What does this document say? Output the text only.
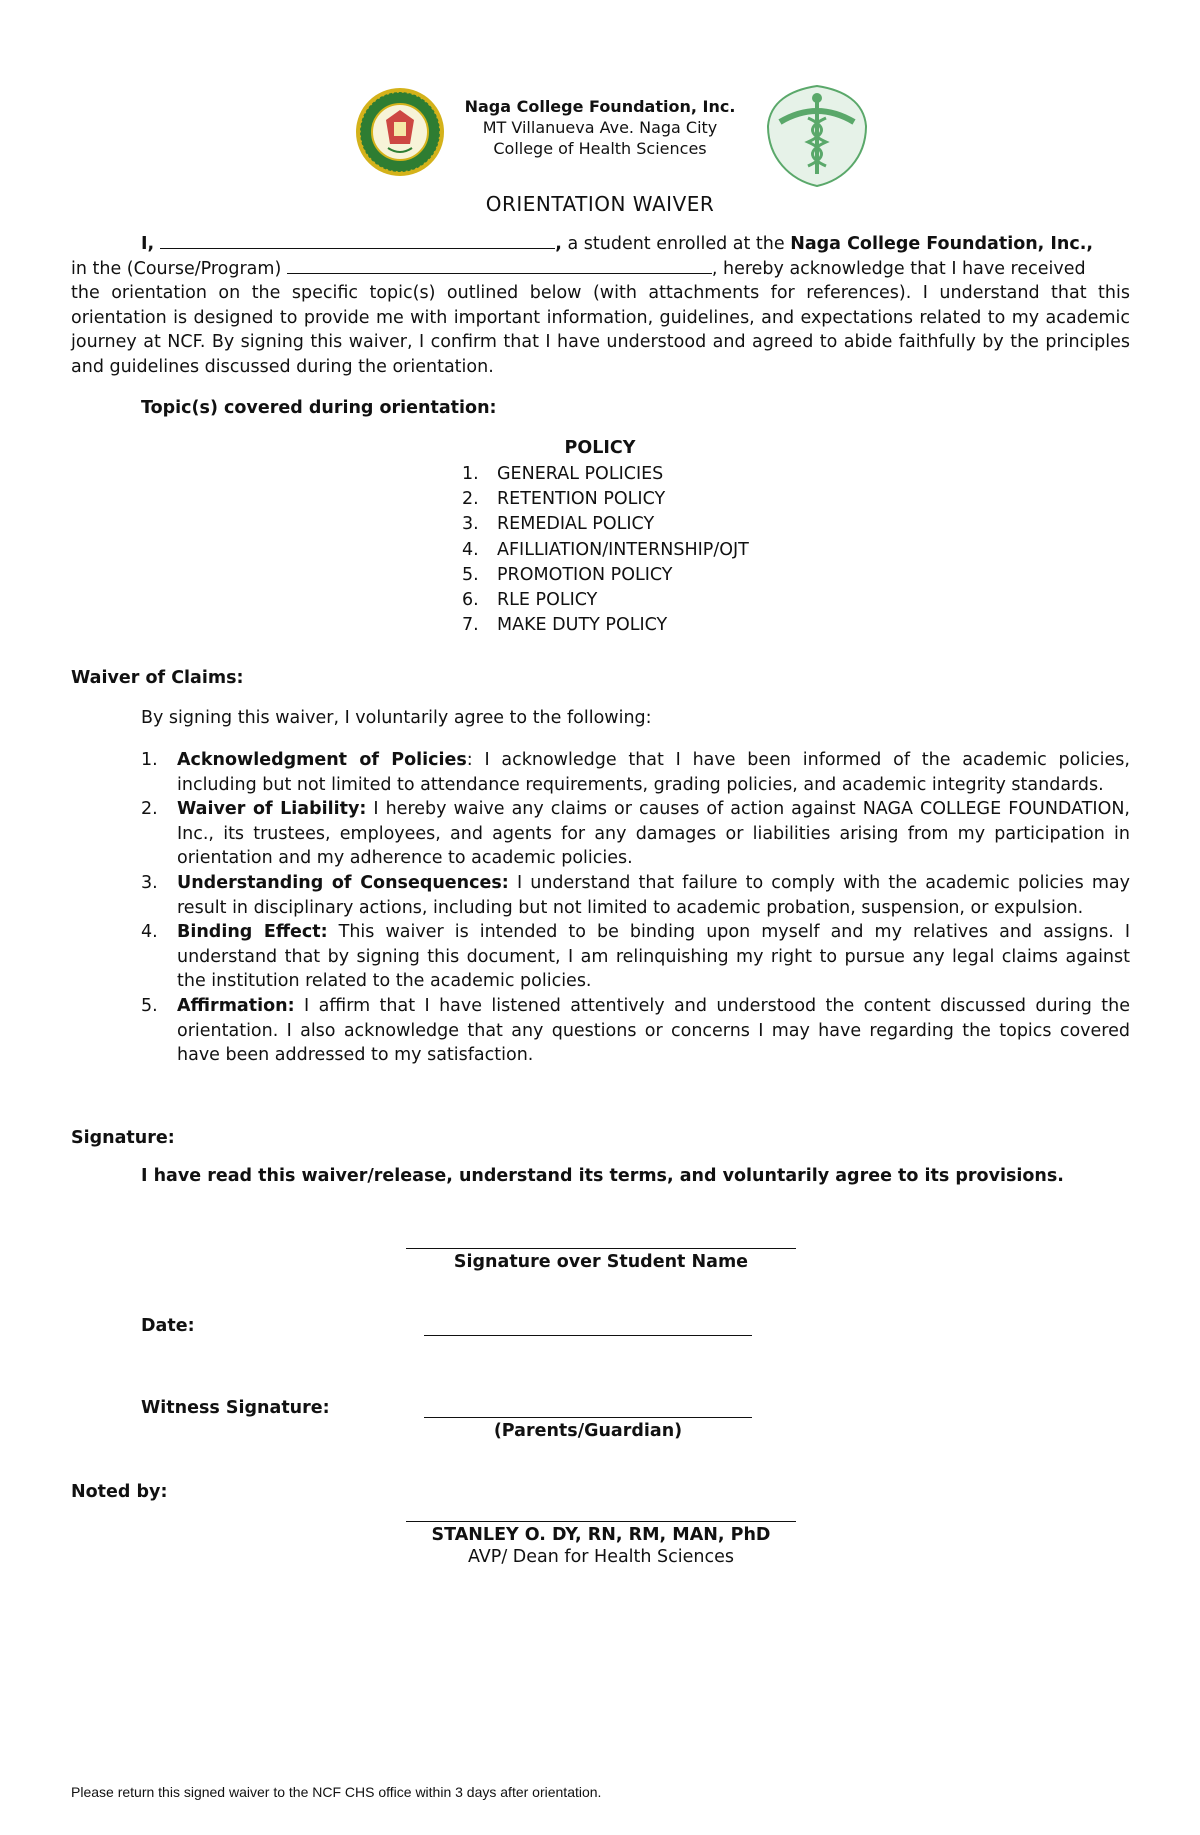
Naga College Foundation, Inc.
MT Villanueva Ave. Naga City
College of Health Sciences
ORIENTATION WAIVER
I,	, a student enrolled at the Naga College Foundation, Inc.,
in the (Course/Program)	, hereby acknowledge that I have received
the orientation on the specific topic(s) outlined below (with attachments for references). I understand that this orientation is designed to provide me with important information, guidelines, and expectations related to my academic journey at NCF. By signing this waiver, I confirm that I have understood and agreed to abide faithfully by the principles and guidelines discussed during the orientation.
Topic(s) covered during orientation:
POLICY
1. GENERAL POLICIES
2. RETENTION POLICY
3. REMEDIAL POLICY
4. AFILLIATION/INTERNSHIP/OJT
5. PROMOTION POLICY
6. RLE POLICY
7. MAKE DUTY POLICY
Waiver of Claims:
By signing this waiver, I voluntarily agree to the following:
1. Acknowledgment of Policies: I acknowledge that I have been informed of the academic policies, including but not limited to attendance requirements, grading policies, and academic integrity standards.
2. Waiver of Liability: I hereby waive any claims or causes of action against NAGA COLLEGE FOUNDATION, Inc., its trustees, employees, and agents for any damages or liabilities arising from my participation in orientation and my adherence to academic policies.
3. Understanding of Consequences: I understand that failure to comply with the academic policies may result in disciplinary actions, including but not limited to academic probation, suspension, or expulsion.
4. Binding Effect: This waiver is intended to be binding upon myself and my relatives and assigns. I understand that by signing this document, I am relinquishing my right to pursue any legal claims against the institution related to the academic policies.
5. Affirmation: I affirm that I have listened attentively and understood the content discussed during the orientation. I also acknowledge that any questions or concerns I may have regarding the topics covered have been addressed to my satisfaction.
Signature:
I have read this waiver/release, understand its terms, and voluntarily agree to its provisions.
Signature over Student Name
Date:
Witness Signature:
(Parents/Guardian)
Noted by:
STANLEY O. DY, RN, RM, MAN, PhD
AVP/ Dean for Health Sciences
Please return this signed waiver to the NCF CHS office within 3 days after orientation.
